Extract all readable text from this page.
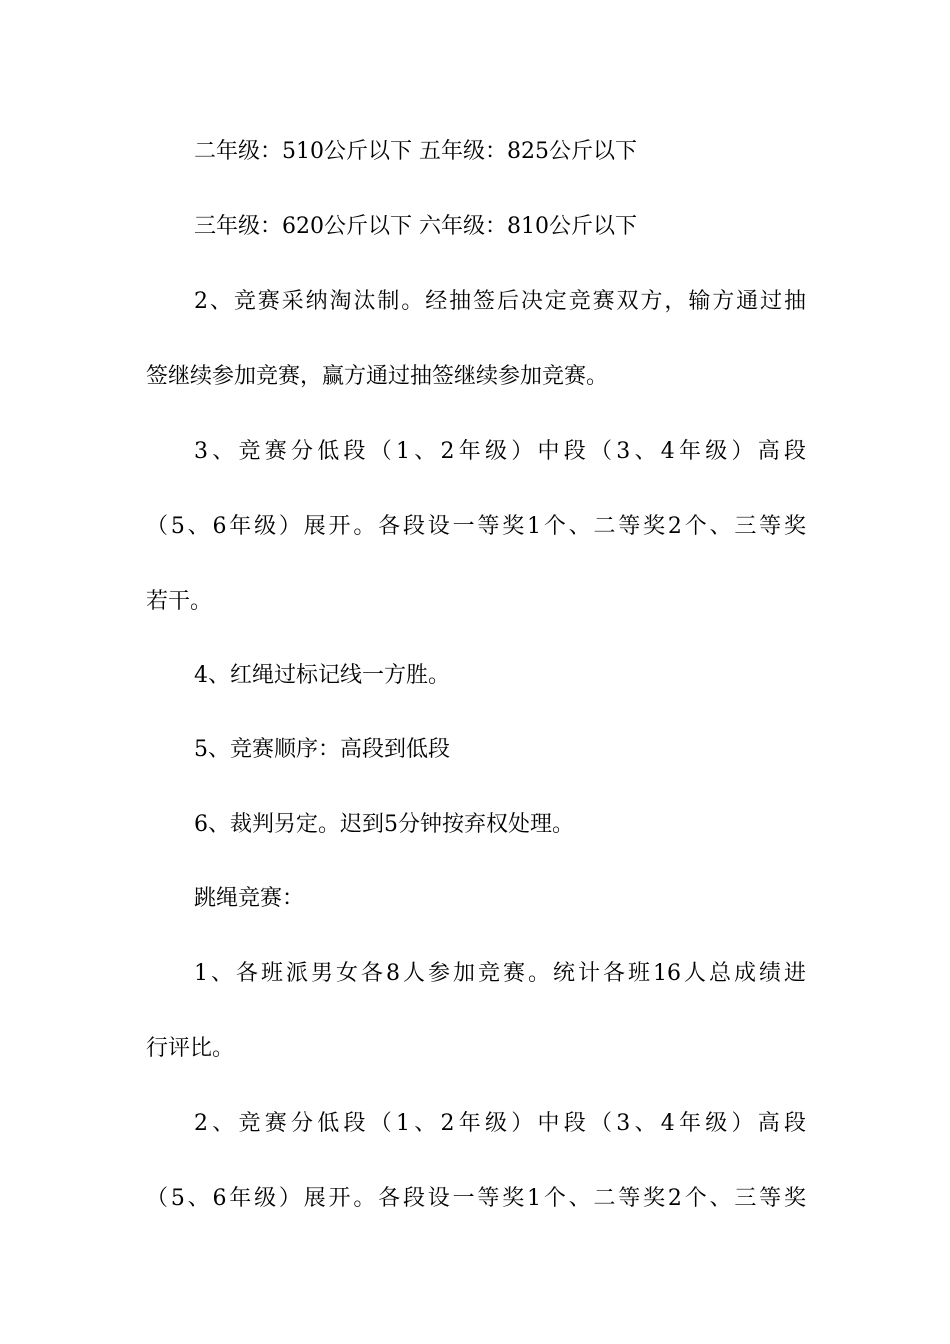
二年级：510公斤以下 五年级：825公斤以下
三年级：620公斤以下 六年级：810公斤以下
2、竞赛采纳淘汰制。经抽签后决定竞赛双方，输方通过抽
签继续参加竞赛，赢方通过抽签继续参加竞赛。
3、竞赛分低段（1、2年级）中段（3、4年级）高段
（5、6年级）展开。各段设一等奖1个、二等奖2个、三等奖
若干。
4、红绳过标记线一方胜。
5、竞赛顺序：高段到低段
6、裁判另定。迟到5分钟按弃权处理。
跳绳竞赛：
1、各班派男女各8人参加竞赛。统计各班16人总成绩进
行评比。
2、竞赛分低段（1、2年级）中段（3、4年级）高段
（5、6年级）展开。各段设一等奖1个、二等奖2个、三等奖
